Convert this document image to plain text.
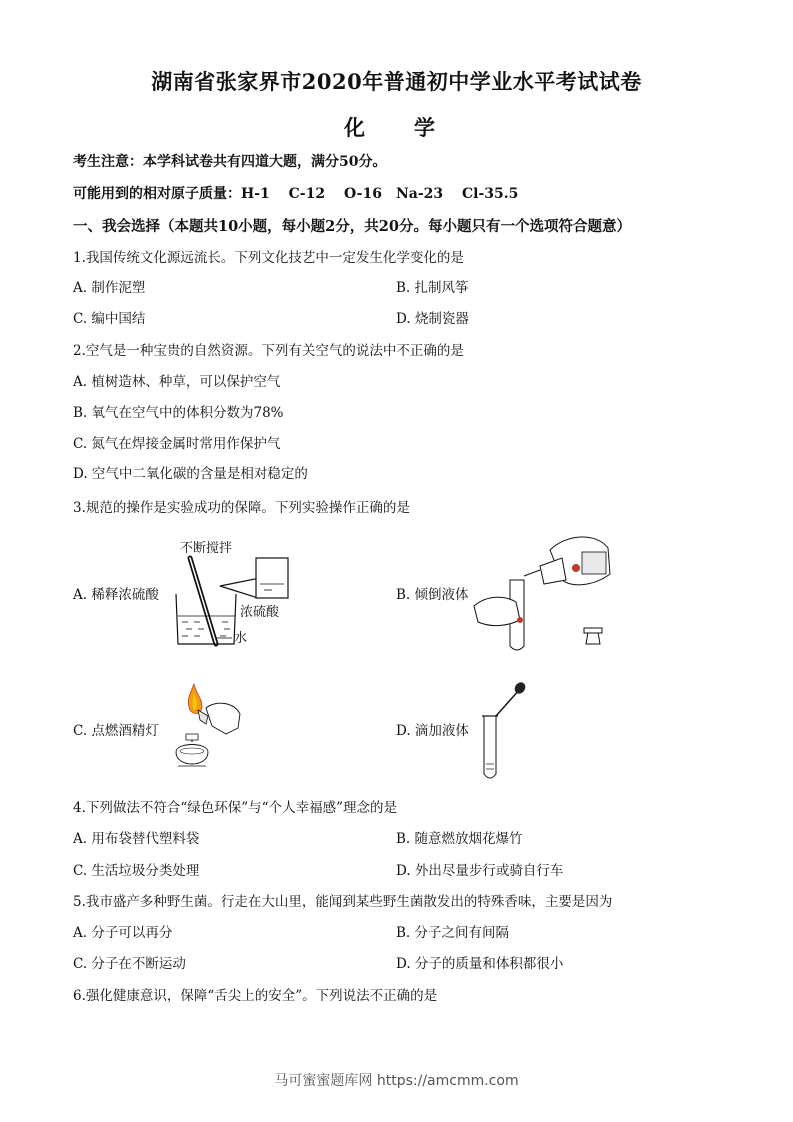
湖南省张家界市2020年普通初中学业水平考试试卷
化　学
考生注意：本学科试卷共有四道大题，满分50分。
可能用到的相对原子质量：H-1　 C-12　 O-16　Na-23　 Cl-35.5
一、我会选择（本题共10小题，每小题2分，共20分。每小题只有一个选项符合题意）
1.我国传统文化源远流长。下列文化技艺中一定发生化学变化的是
A. 制作泥塑	B. 扎制风筝
C. 编中国结	D. 烧制瓷器
2.空气是一种宝贵的自然资源。下列有关空气的说法中不正确的是
A. 植树造林、种草，可以保护空气
B. 氧气在空气中的体积分数为78%
C. 氮气在焊接金属时常用作保护气
D. 空气中二氧化碳的含量是相对稳定的
3.规范的操作是实验成功的保障。下列实验操作正确的是
A. 稀释浓硫酸
不断搅拌
浓硫酸
水
B. 倾倒液体
C. 点燃酒精灯	D. 滴加液体
4.下列做法不符合“绿色环保”与“个人幸福感”理念的是
A. 用布袋替代塑料袋	B. 随意燃放烟花爆竹
C. 生活垃圾分类处理	D. 外出尽量步行或骑自行车
5.我市盛产多种野生菌。行走在大山里，能闻到某些野生菌散发出的特殊香味，主要是因为
A. 分子可以再分	B. 分子之间有间隔
C. 分子在不断运动	D. 分子的质量和体积都很小
6.强化健康意识，保障“舌尖上的安全”。下列说法不正确的是
马可蜜蜜题库网 https://amcmm.com
